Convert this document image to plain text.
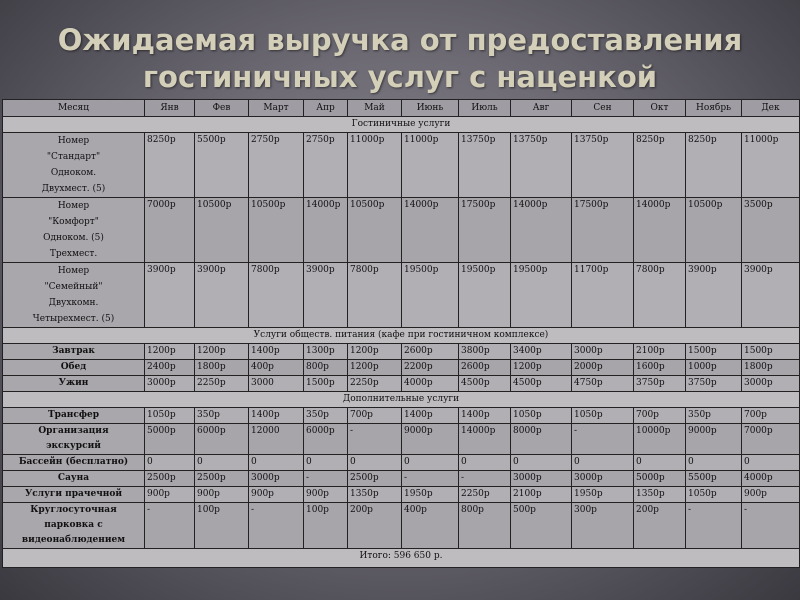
Ожидаемая выручка от предоставления
гостиничных услуг с наценкой
Месяц	Янв	Фев	Март	Апр	Май	Июнь	Июль	Авг	Сен	Окт	Ноябрь	Дек
Гостиничные услуги												

Номер
"Стандарт"
Одноком.
Двухмест. (5)	8250р	5500р	2750р	2750р	11000р	11000р	13750р	13750р	13750р	8250р	8250р	11000р

Номер
"Комфорт"
Одноком. (5)
Трехмест.	7000р	10500р	10500р	14000р	10500р	14000р	17500р	14000р	17500р	14000р	10500р	3500р

Номер
"Семейный"
Двухкомн.
Четырехмест. (5)	3900р	3900р	7800р	3900р	7800р	19500р	19500р	19500р	11700р	7800р	3900р	3900р
Услуги обществ. питания (кафе при гостиничном комплексе)												
Завтрак	1200р	1200р	1400р	1300р	1200р	2600р	3800р	3400р	3000р	2100р	1500р	1500р
Обед	2400р	1800р	400р	800р	1200р	2200р	2600р	1200р	2000р	1600р	1000р	1800р
Ужин	3000р	2250р	3000	1500р	2250р	4000р	4500р	4500р	4750р	3750р	3750р	3000р
Дополнительные услуги												

Трансфер	1050р	350р	1400р	350р	700р	1400р	1400р	1050р	1050р	700р	350р	700р

Организация
экскурсий	5000р	6000р	12000	6000р	-	9000р	14000р	8000р	-	10000р	9000р	7000р

Бассейн (бесплатно)	0	0	0	0	0	0	0	0	0	0	0	0

Сауна	2500р	2500р	3000р	-	2500р	-	-	3000р	3000р	5000р	5500р	4000р

Услуги прачечной	900р	900р	900р	900р	1350р	1950р	2250р	2100р	1950р	1350р	1050р	900р

Круглосуточная
парковка с
видеонаблюдением	-	100р	-	100р	200р	400р	800р	500р	300р	200р	-	-
Итого: 596 650 р.												
